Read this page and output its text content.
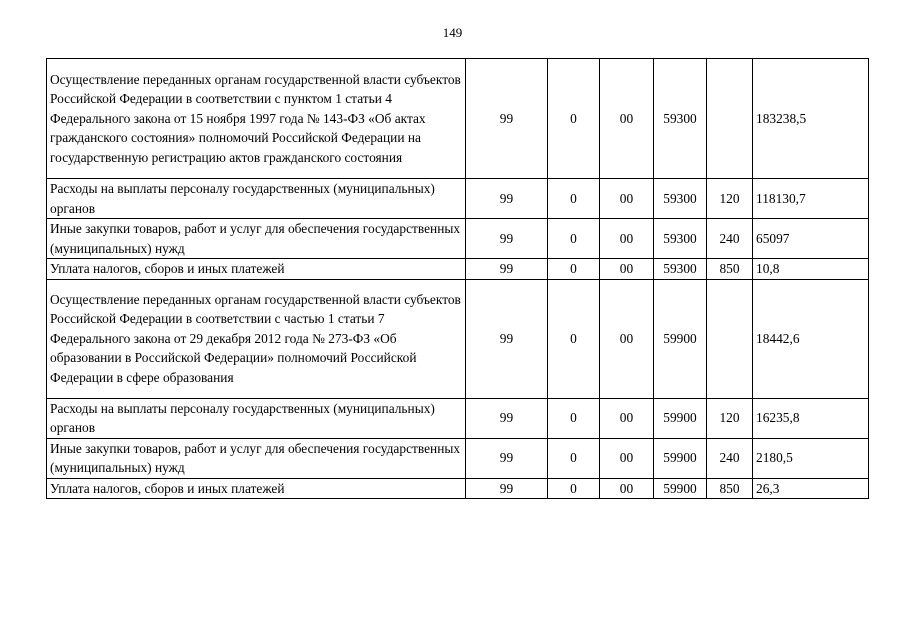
149
Осуществление переданных органам государственной власти субъектов Российской Федерации в соответствии с пунктом 1 статьи 4 Федерального закона от 15 ноября 1997 года № 143-ФЗ «Об актах гражданского состояния» полномочий Российской Федерации на государственную регистрацию актов гражданского состояния	99	0	00	59300		183238,5
Расходы на выплаты персоналу государственных (муниципальных) органов	99	0	00	59300	120	118130,7
Иные закупки товаров, работ и услуг для обеспечения государственных (муниципальных) нужд	99	0	00	59300	240	65097
Уплата налогов, сборов и иных платежей	99	0	00	59300	850	10,8
Осуществление переданных органам государственной власти субъектов Российской Федерации в соответствии с частью 1 статьи 7 Федерального закона от 29 декабря 2012 года № 273-ФЗ «Об образовании в Российской Федерации» полномочий Российской Федерации в сфере образования	99	0	00	59900		18442,6
Расходы на выплаты персоналу государственных (муниципальных) органов	99	0	00	59900	120	16235,8
Иные закупки товаров, работ и услуг для обеспечения государственных (муниципальных) нужд	99	0	00	59900	240	2180,5
Уплата налогов, сборов и иных платежей	99	0	00	59900	850	26,3
